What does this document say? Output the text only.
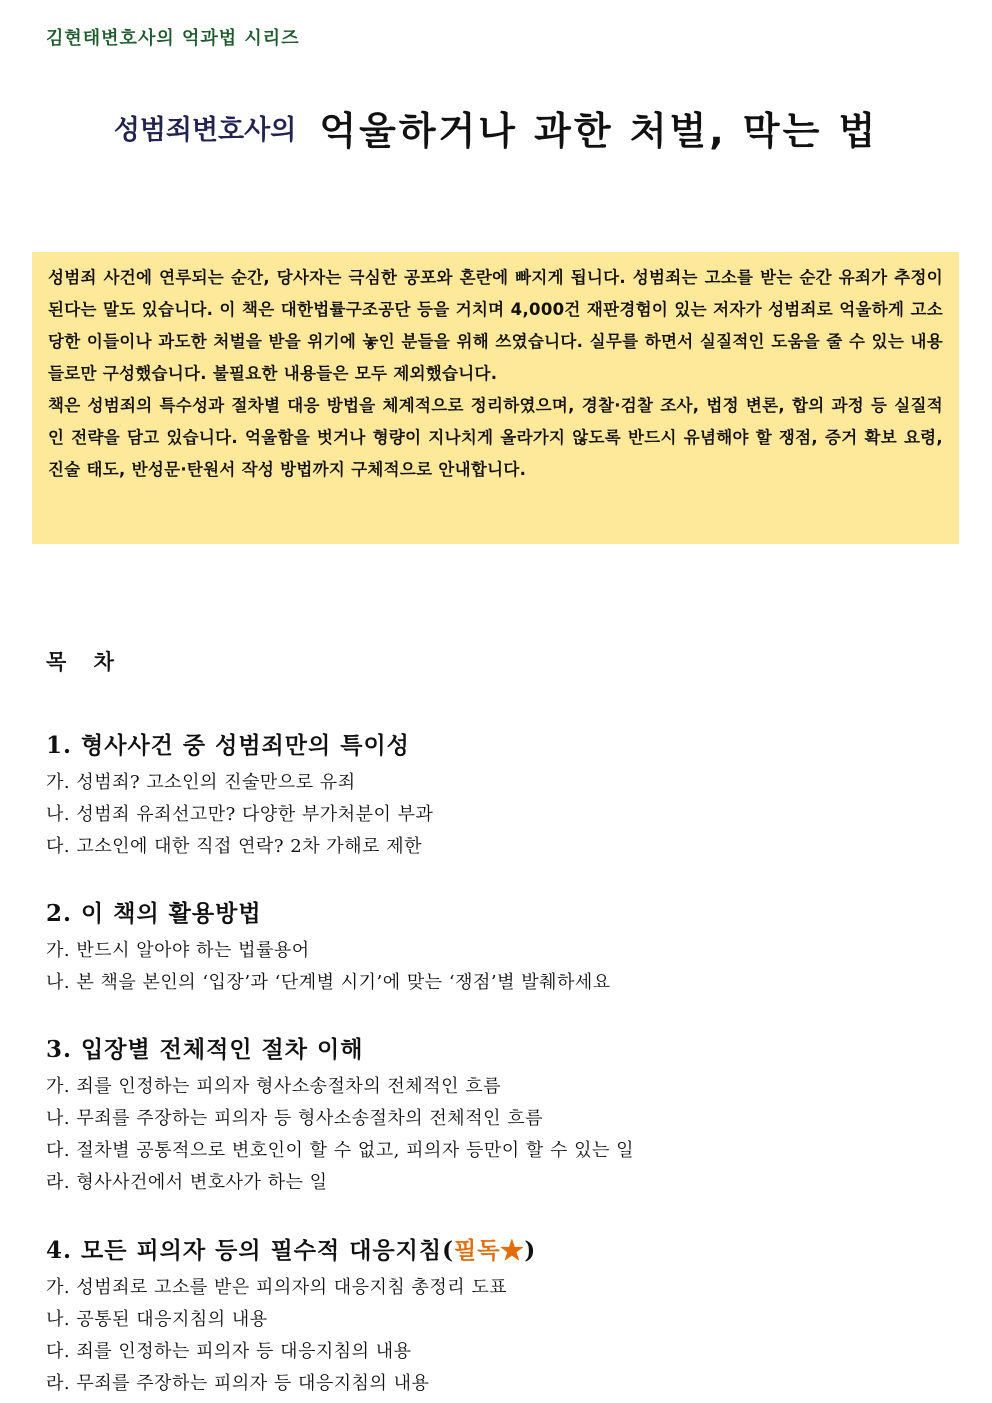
김현태변호사의 억과법 시리즈
성범죄변호사의 억울하거나 과한 처벌, 막는 법

성범죄 사건에 연루되는 순간, 당사자는 극심한 공포와 혼란에 빠지게 됩니다. 성범죄는 고소를 받는 순간 유죄가 추정이 된다는 말도 있습니다. 이 책은 대한법률구조공단 등을 거치며 4,000건 재판경험이 있는 저자가 성범죄로 억울하게 고소당한 이들이나 과도한 처벌을 받을 위기에 놓인 분들을 위해 쓰였습니다. 실무를 하면서 실질적인 도움을 줄 수 있는 내용들로만 구성했습니다. 불필요한 내용들은 모두 제외했습니다.

책은 성범죄의 특수성과 절차별 대응 방법을 체계적으로 정리하였으며, 경찰·검찰 조사, 법정 변론, 합의 과정 등 실질적인 전략을 담고 있습니다. 억울함을 벗거나 형량이 지나치게 올라가지 않도록 반드시 유념해야 할 쟁점, 증거 확보 요령, 진술 태도, 반성문·탄원서 작성 방법까지 구체적으로 안내합니다.

목 차
1. 형사사건 중 성범죄만의 특이성
가. 성범죄? 고소인의 진술만으로 유죄
나. 성범죄 유죄선고만? 다양한 부가처분이 부과
다. 고소인에 대한 직접 연락? 2차 가해로 제한
2. 이 책의 활용방법
가. 반드시 알아야 하는 법률용어
나. 본 책을 본인의 ‘입장’과 ‘단계별 시기’에 맞는 ‘쟁점’별 발췌하세요
3. 입장별 전체적인 절차 이해
가. 죄를 인정하는 피의자 형사소송절차의 전체적인 흐름
나. 무죄를 주장하는 피의자 등 형사소송절차의 전체적인 흐름
다. 절차별 공통적으로 변호인이 할 수 없고, 피의자 등만이 할 수 있는 일
라. 형사사건에서 변호사가 하는 일
4. 모든 피의자 등의 필수적 대응지침(필독★)
가. 성범죄로 고소를 받은 피의자의 대응지침 총정리 도표
나. 공통된 대응지침의 내용
다. 죄를 인정하는 피의자 등 대응지침의 내용
라. 무죄를 주장하는 피의자 등 대응지침의 내용
